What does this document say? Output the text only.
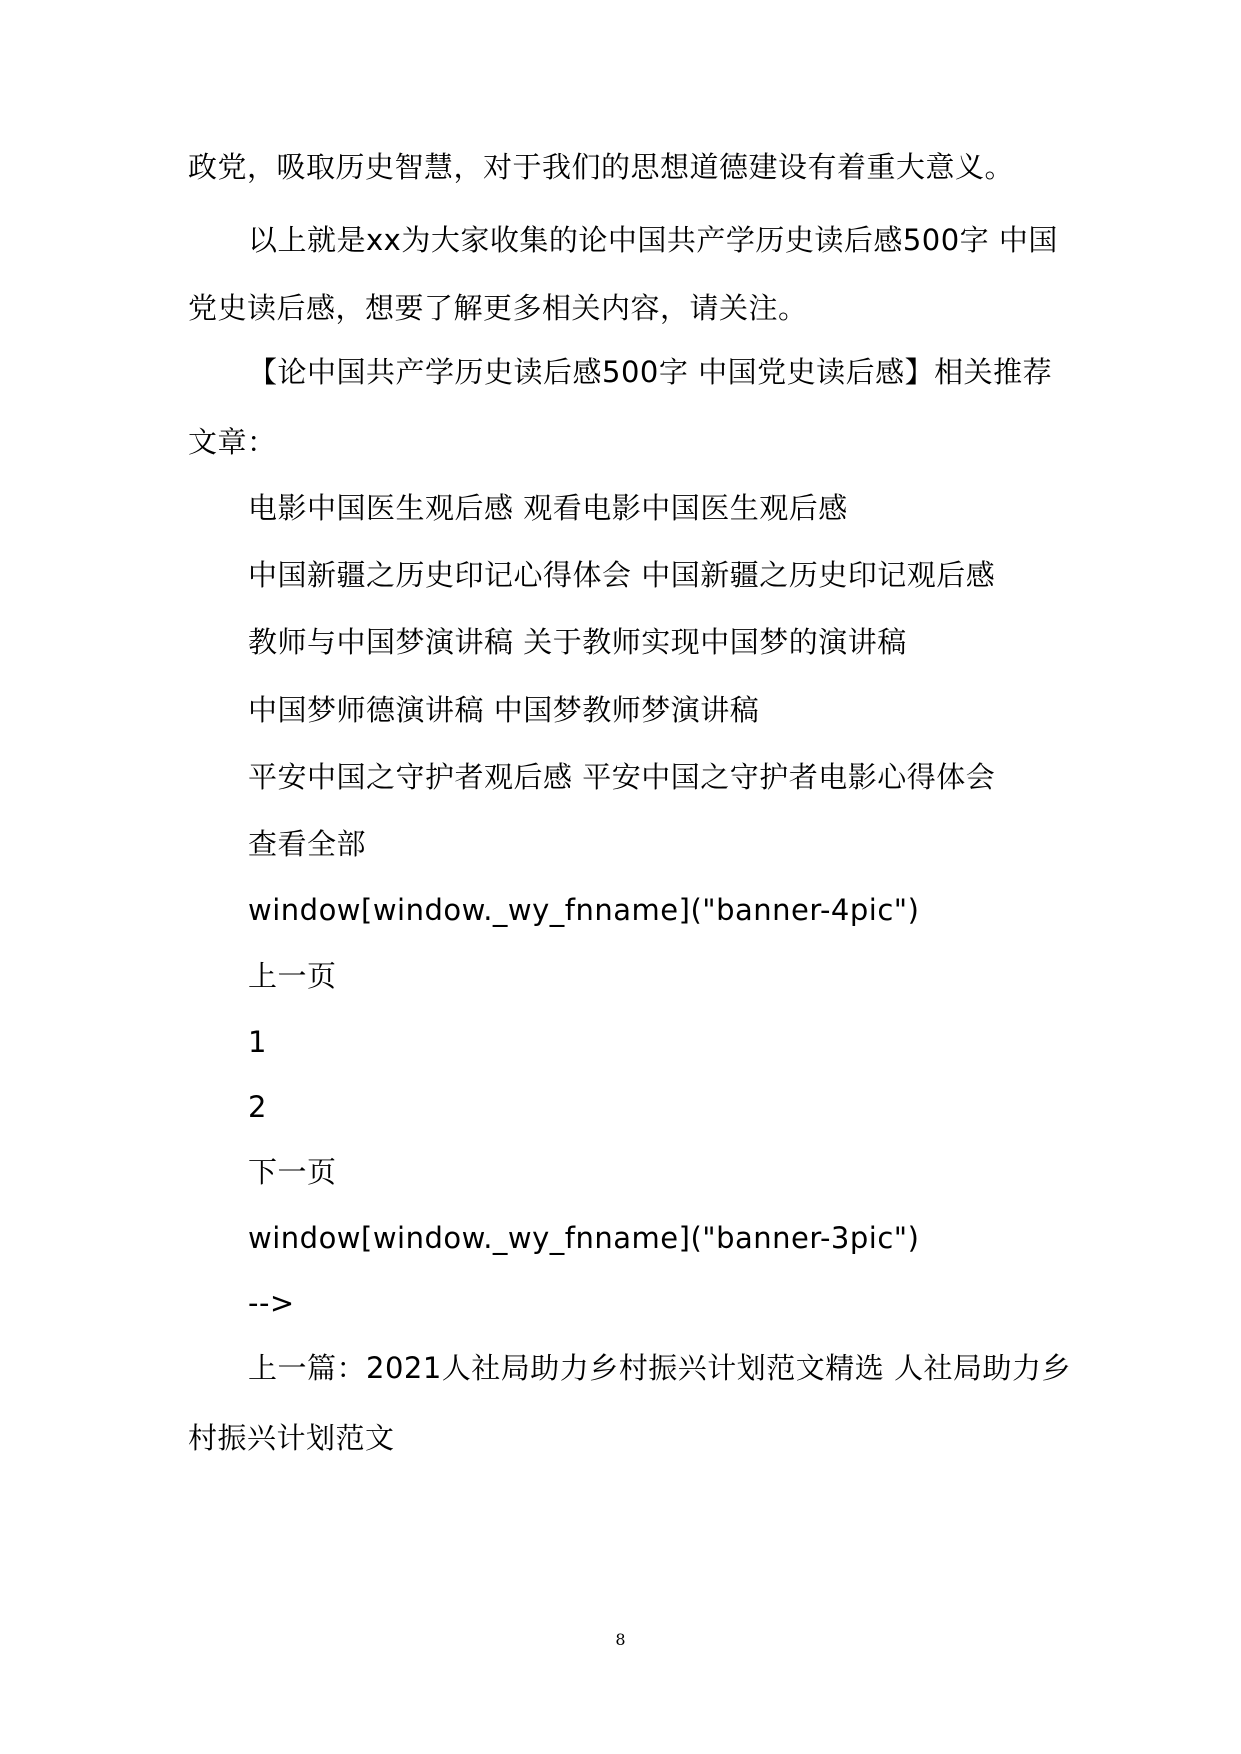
政党，吸取历史智慧，对于我们的思想道德建设有着重大意义。
以上就是xx为大家收集的论中国共产学历史读后感500字 中国
党史读后感，想要了解更多相关内容，请关注。
【论中国共产学历史读后感500字 中国党史读后感】相关推荐
文章：
电影中国医生观后感 观看电影中国医生观后感
中国新疆之历史印记心得体会 中国新疆之历史印记观后感
教师与中国梦演讲稿 关于教师实现中国梦的演讲稿
中国梦师德演讲稿 中国梦教师梦演讲稿
平安中国之守护者观后感 平安中国之守护者电影心得体会
查看全部
window[window._wy_fnname]("banner-4pic")
上一页
1
2
下一页
window[window._wy_fnname]("banner-3pic")
-->
上一篇：2021人社局助力乡村振兴计划范文精选 人社局助力乡
村振兴计划范文
8
